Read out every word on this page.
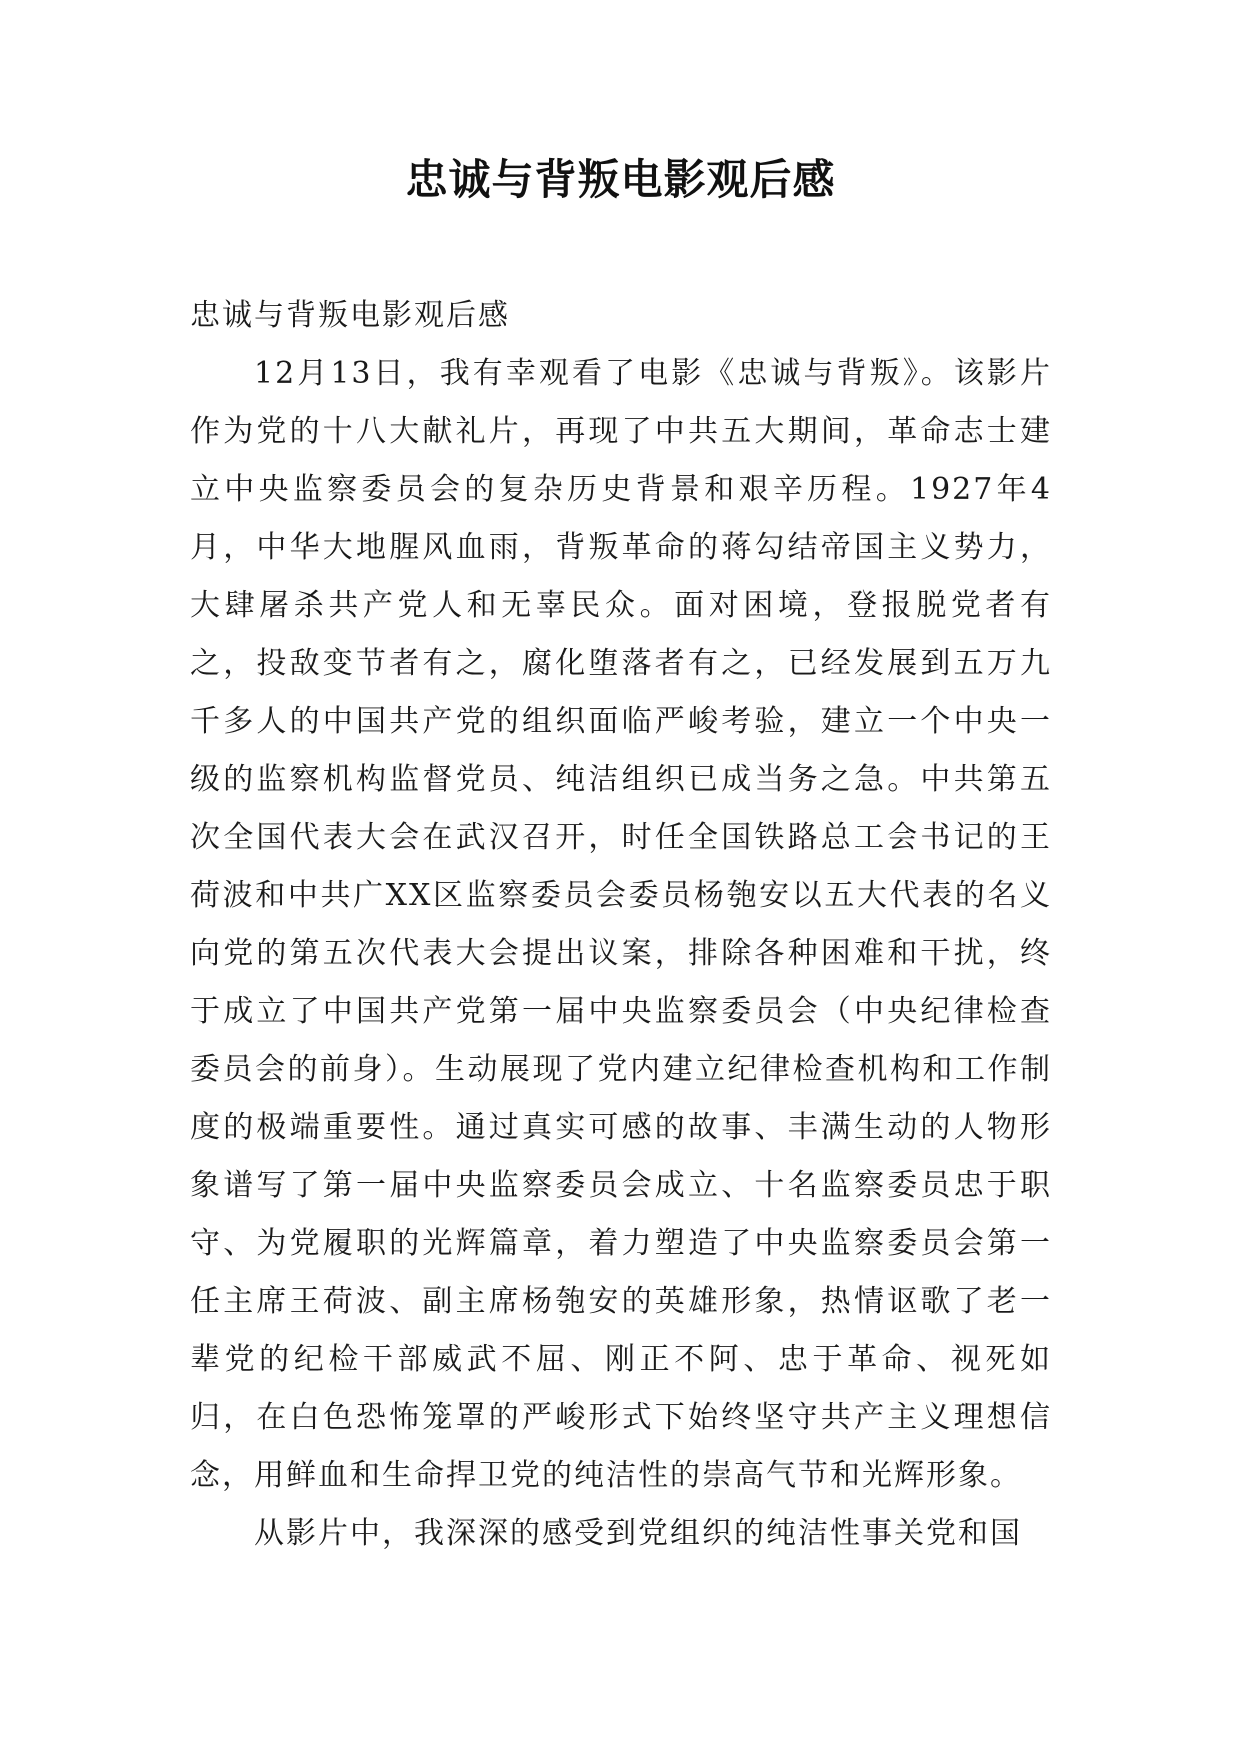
忠诚与背叛电影观后感

忠诚与背叛电影观后感

12月13日，我有幸观看了电影《忠诚与背叛》。该影片作为党的十八大献礼片，再现了中共五大期间，革命志士建立中央监察委员会的复杂历史背景和艰辛历程。1927年4月，中华大地腥风血雨，背叛革命的蒋勾结帝国主义势力，大肆屠杀共产党人和无辜民众。面对困境，登报脱党者有之，投敌变节者有之，腐化堕落者有之，已经发展到五万九千多人的中国共产党的组织面临严峻考验，建立一个中央一级的监察机构监督党员、纯洁组织已成当务之急。中共第五次全国代表大会在武汉召开，时任全国铁路总工会书记的王荷波和中共广XX区监察委员会委员杨匏安以五大代表的名义向党的第五次代表大会提出议案，排除各种困难和干扰，终于成立了中国共产党第一届中央监察委员会（中央纪律检查委员会的前身）。生动展现了党内建立纪律检查机构和工作制度的极端重要性。通过真实可感的故事、丰满生动的人物形象谱写了第一届中央监察委员会成立、十名监察委员忠于职守、为党履职的光辉篇章，着力塑造了中央监察委员会第一任主席王荷波、副主席杨匏安的英雄形象，热情讴歌了老一辈党的纪检干部威武不屈、刚正不阿、忠于革命、视死如归，在白色恐怖笼罩的严峻形式下始终坚守共产主义理想信念，用鲜血和生命捍卫党的纯洁性的崇高气节和光辉形象。

从影片中，我深深的感受到党组织的纯洁性事关党和国
